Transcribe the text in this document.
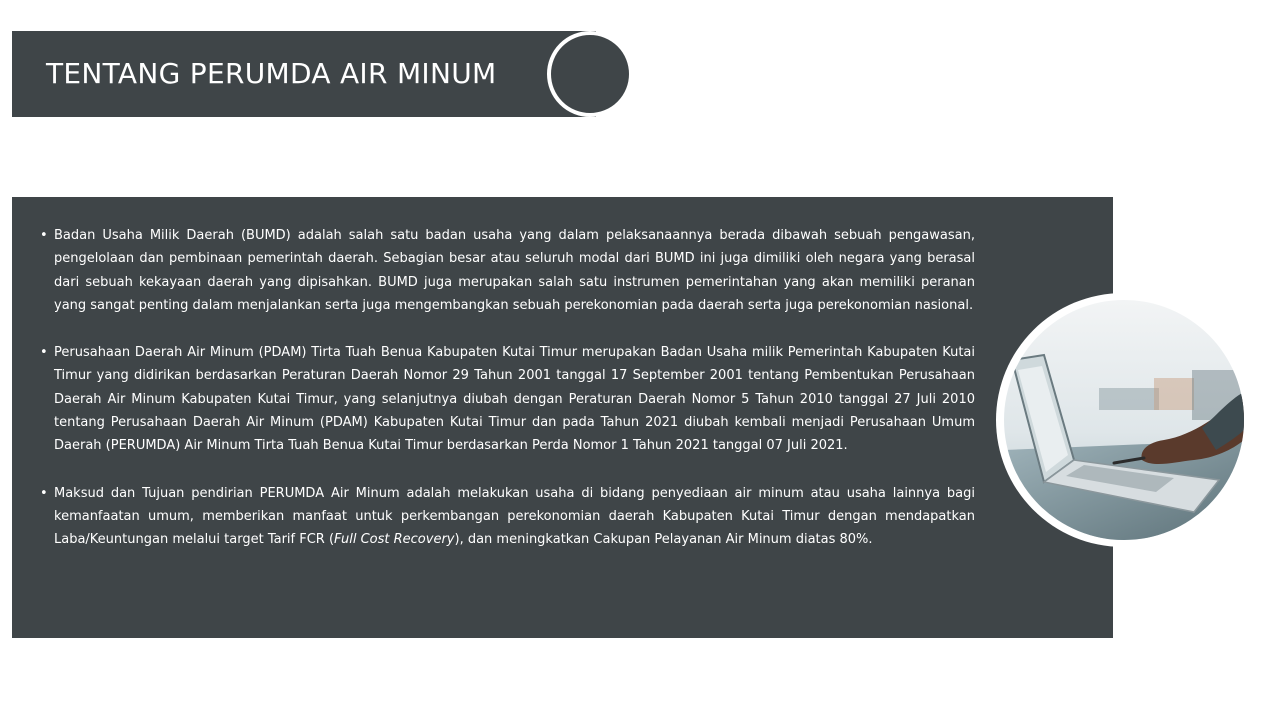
TENTANG PERUMDA AIR MINUM
• Badan Usaha Milik Daerah (BUMD) adalah salah satu badan usaha yang dalam pelaksanaannya berada dibawah sebuah pengawasan, pengelolaan dan pembinaan pemerintah daerah. Sebagian besar atau seluruh modal dari BUMD ini juga dimiliki oleh negara yang berasal dari sebuah kekayaan daerah yang dipisahkan. BUMD juga merupakan salah satu instrumen pemerintahan yang akan memiliki peranan yang sangat penting dalam menjalankan serta juga mengembangkan sebuah perekonomian pada daerah serta juga perekonomian nasional.
• Perusahaan Daerah Air Minum (PDAM) Tirta Tuah Benua Kabupaten Kutai Timur merupakan Badan Usaha milik Pemerintah Kabupaten Kutai Timur yang didirikan berdasarkan Peraturan Daerah Nomor 29 Tahun 2001 tanggal 17 September 2001 tentang Pembentukan Perusahaan Daerah Air Minum Kabupaten Kutai Timur, yang selanjutnya diubah dengan Peraturan Daerah Nomor 5 Tahun 2010 tanggal 27 Juli 2010 tentang Perusahaan Daerah Air Minum (PDAM) Kabupaten Kutai Timur dan pada Tahun 2021 diubah kembali menjadi Perusahaan Umum Daerah (PERUMDA) Air Minum Tirta Tuah Benua Kutai Timur berdasarkan Perda Nomor 1 Tahun 2021 tanggal 07 Juli 2021.
• Maksud dan Tujuan pendirian PERUMDA Air Minum adalah melakukan usaha di bidang penyediaan air minum atau usaha lainnya bagi kemanfaatan umum, memberikan manfaat untuk perkembangan perekonomian daerah Kabupaten Kutai Timur dengan mendapatkan Laba/Keuntungan melalui target Tarif FCR (Full Cost Recovery), dan meningkatkan Cakupan Pelayanan Air Minum diatas 80%.
